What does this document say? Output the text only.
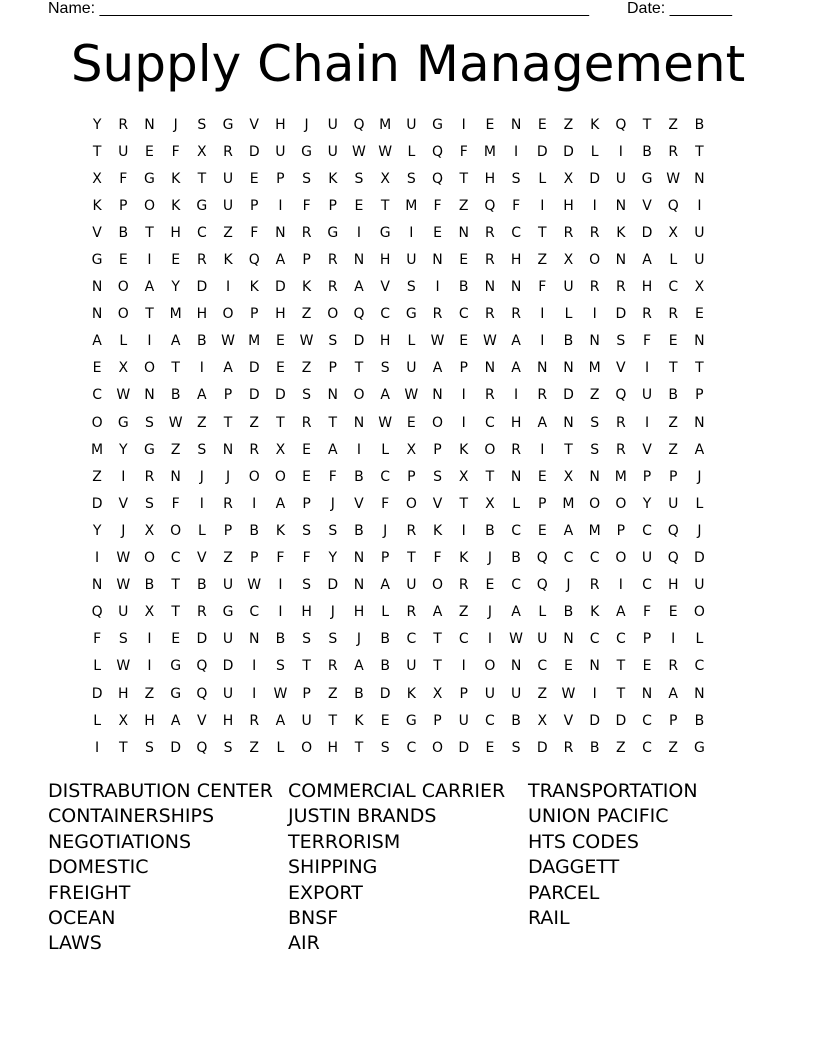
Name: _______________________________________________________ Date: _______
Supply Chain Management
Y	R	N	J	S	G	V	H	J	U	Q	M	U	G	I	E	N	E	Z	K	Q	T	Z	B
T	U	E	F	X	R	D	U	G	U	W W	L	Q	F	M	I	D	D	L	I	B	R	T
X	F	G	K	T	U	E	P	S	K	S	X	S	Q	T	H	S	L	X	D	U	G W	N
K	P	O	K	G	U	P	I	F	P	E	T	M	F	Z	Q	F	I	H	I	N	V	Q	I
V	B	T	H	C	Z	F	N	R	G	I	G	I	E	N	R	C	T	R	R	K	D	X	U
G	E	I	E	R	K	Q	A	P	R	N	H	U	N	E	R	H	Z	X	O	N	A	L	U
N	O	A	Y	D	I	K	D	K	R	A	V	S	I	B	N	N	F	U	R	R	H	C	X
N	O	T	M	H	O	P	H	Z	O	Q	C	G	R	C	R	R	I	L	I	D	R	R	E
A	L	I	A	B	W M	E	W	S	D	H	L	W	E	W	A	I	B	N	S	F	E	N
E	X	O	T	I	A	D	E	Z	P	T	S	U	A	P	N	A	N	N	M	V	I	T	T
C	W	N	B	A	P	D	D	S	N	O	A	W	N	I	R	I	R	D	Z	Q	U	B	P
O	G	S	W	Z	T	Z	T	R	T	N	W	E	O	I	C	H	A	N	S	R	I	Z	N
M	Y	G	Z	S	N	R	X	E	A	I	L	X	P	K	O	R	I	T	S	R	V	Z	A
Z	I	R	N	J	J	O	O	E	F	B	C	P	S	X	T	N	E	X	N	M	P	P	J
D	V	S	F	I	R	I	A	P	J	V	F	O	V	T	X	L	P	M	O	O	Y	U	L
Y	J	X	O	L	P	B	K	S	S	B	J	R	K	I	B	C	E	A	M	P	C	Q	J
I	W O	C	V	Z	P	F	F	Y	N	P	T	F	K	J	B	Q	C	C	O	U	Q	D
N	W	B	T	B	U	W	I	S	D	N	A	U	O	R	E	C	Q	J	R	I	C	H	U
Q	U	X	T	R	G	C	I	H	J	H	L	R	A	Z	J	A	L	B	K	A	F	E	O
F	S	I	E	D	U	N	B	S	S	J	B	C	T	C	I	W	U	N	C	C	P	I	L
L	W	I	G	Q	D	I	S	T	R	A	B	U	T	I	O	N	C	E	N	T	E	R	C
D	H	Z	G	Q	U	I	W	P	Z	B	D	K	X	P	U	U	Z	W	I	T	N	A	N
L	X	H	A	V	H	R	A	U	T	K	E	G	P	U	C	B	X	V	D	D	C	P	B
I	T	S	D	Q	S	Z	L	O	H	T	S	C	O	D	E	S	D	R	B	Z	C	Z	G
DISTRABUTION CENTER
CONTAINERSHIPS
NEGOTIATIONS
DOMESTIC
FREIGHT
OCEAN
LAWS
COMMERCIAL CARRIER
JUSTIN BRANDS
TERRORISM
SHIPPING
EXPORT
BNSF
AIR
TRANSPORTATION
UNION PACIFIC
HTS CODES
DAGGETT
PARCEL
RAIL
